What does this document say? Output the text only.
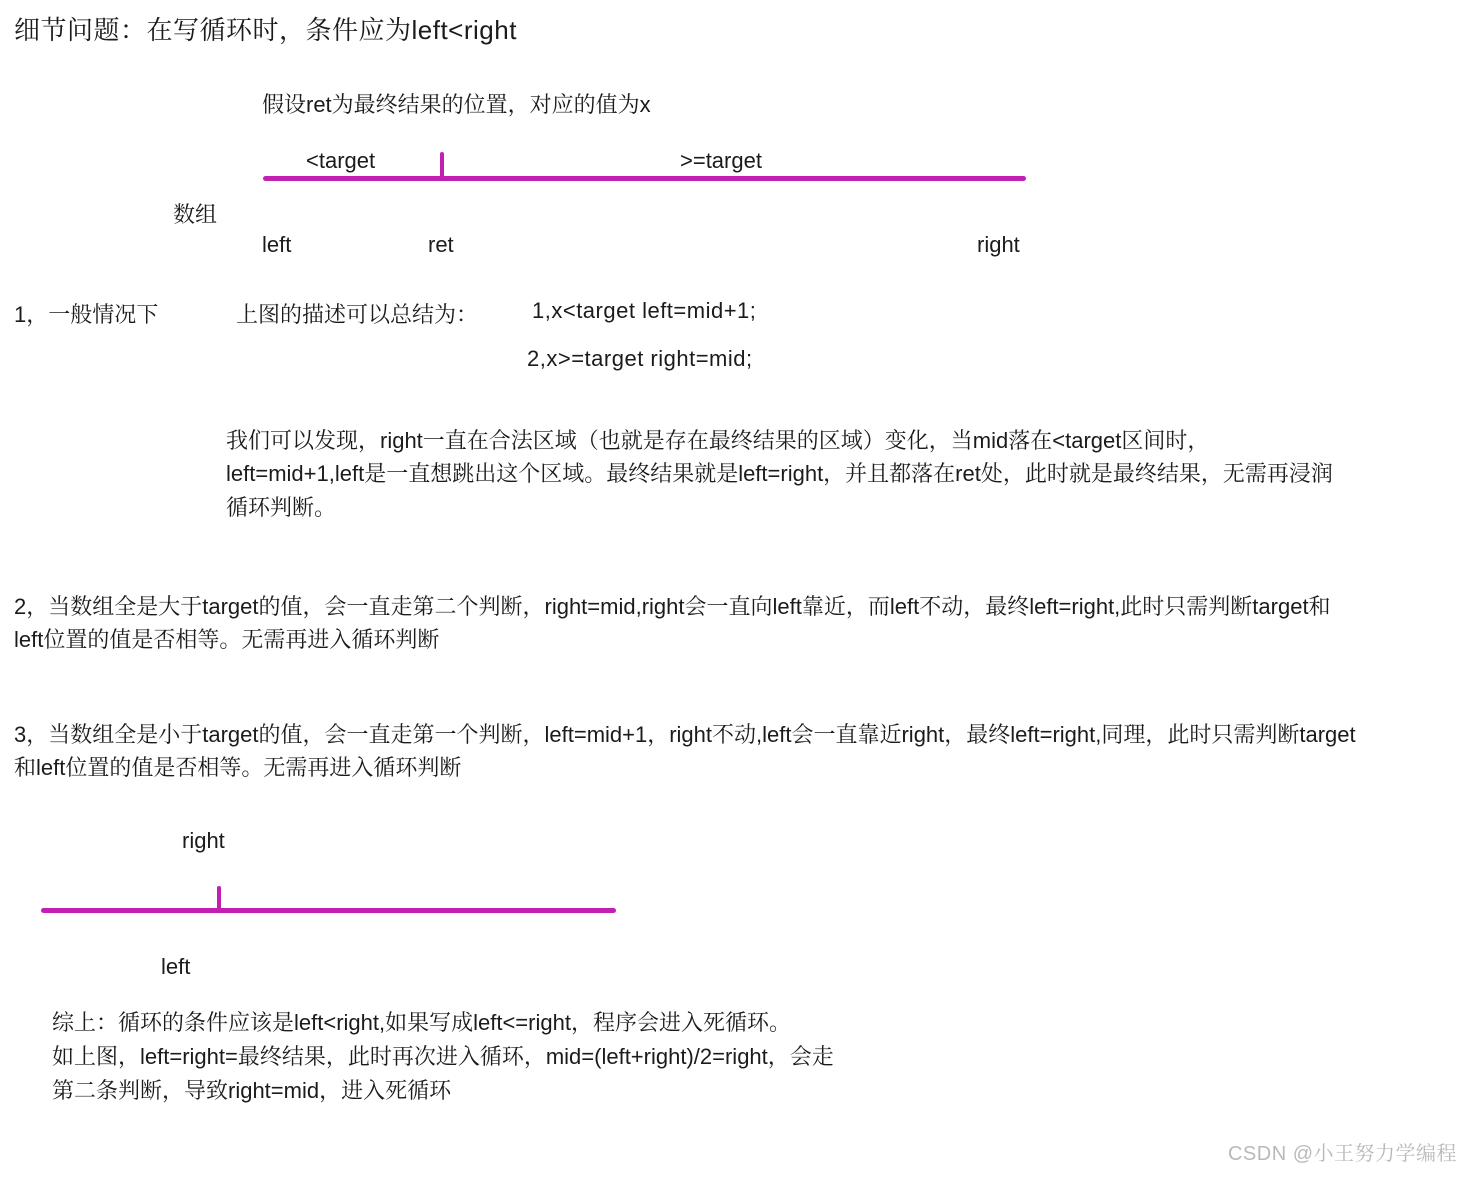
细节问题：在写循环时，条件应为left<right
假设ret为最终结果的位置，对应的值为x
<target	>=target
数组
left	ret	right
1，一般情况下	上图的描述可以总结为： 1,x<target left=mid+1;
2,x>=target right=mid;
我们可以发现，right一直在合法区域（也就是存在最终结果的区域）变化，当mid落在<target区间时，left=mid+1,left是一直想跳出这个区域。最终结果就是left=right，并且都落在ret处，此时就是最终结果，无需再浸润循环判断。
2，当数组全是大于target的值，会一直走第二个判断，right=mid,right会一直向left靠近，而left不动，最终left=right,此时只需判断target和left位置的值是否相等。无需再进入循环判断
3，当数组全是小于target的值，会一直走第一个判断，left=mid+1，right不动,left会一直靠近right，最终left=right,同理，此时只需判断target和left位置的值是否相等。无需再进入循环判断
right
left
综上：循环的条件应该是left<right,如果写成left<=right，程序会进入死循环。
如上图，left=right=最终结果，此时再次进入循环，mid=(left+right)/2=right，会走
第二条判断，导致right=mid，进入死循环
CSDN @小王努力学编程
